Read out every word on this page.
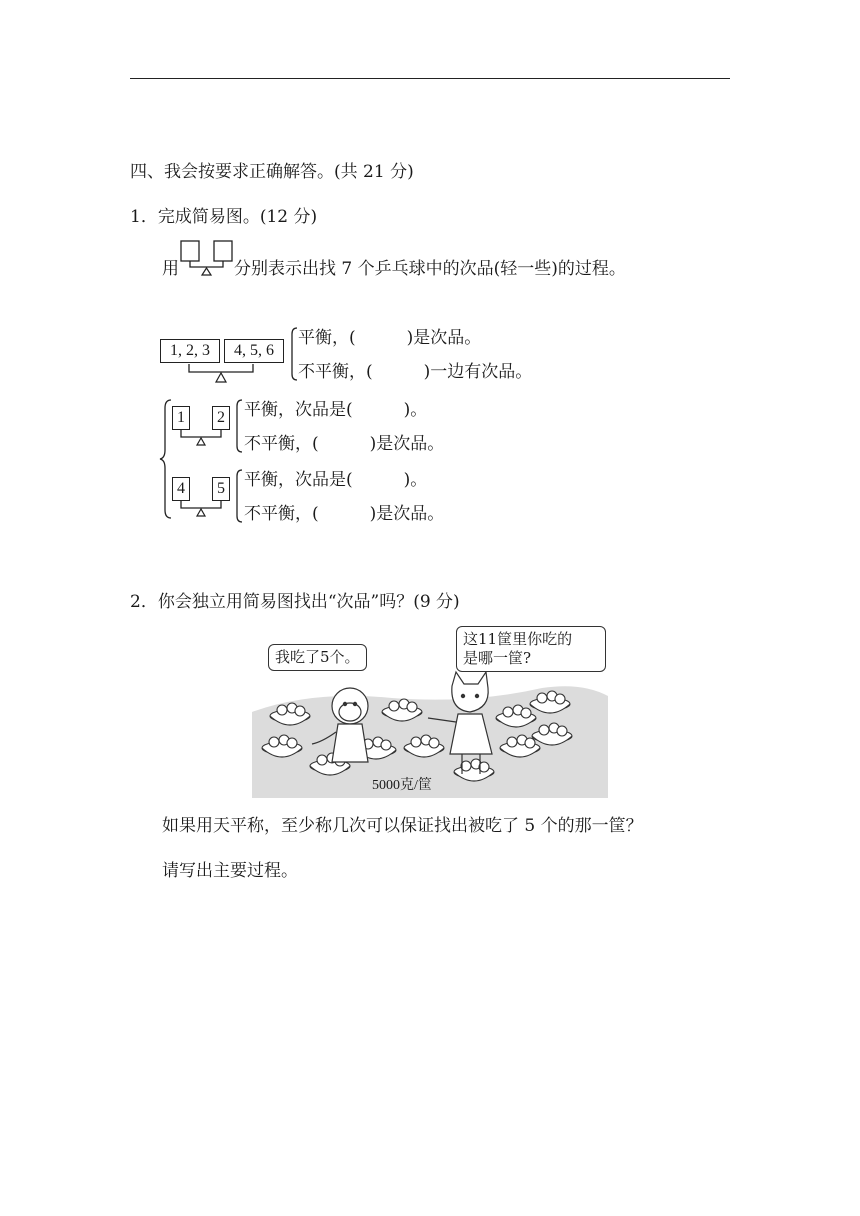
四、我会按要求正确解答。(共 21 分)
1．完成简易图。(12 分)
用	分别表示出找 7 个乒乓球中的次品(轻一些)的过程。
1, 2, 3	4, 5, 6
平衡，(　　　)是次品。
不平衡，(　　　)一边有次品。
1	2 平衡，次品是(　　　)。
不平衡，(　　　)是次品。
4	5 平衡，次品是(　　　)。
不平衡，(　　　)是次品。
2．你会独立用简易图找出“次品”吗？(9 分)
我吃了5个。
这11筐里你吃的
是哪一筐?
5000克/筐
如果用天平称，至少称几次可以保证找出被吃了 5 个的那一筐？
请写出主要过程。
